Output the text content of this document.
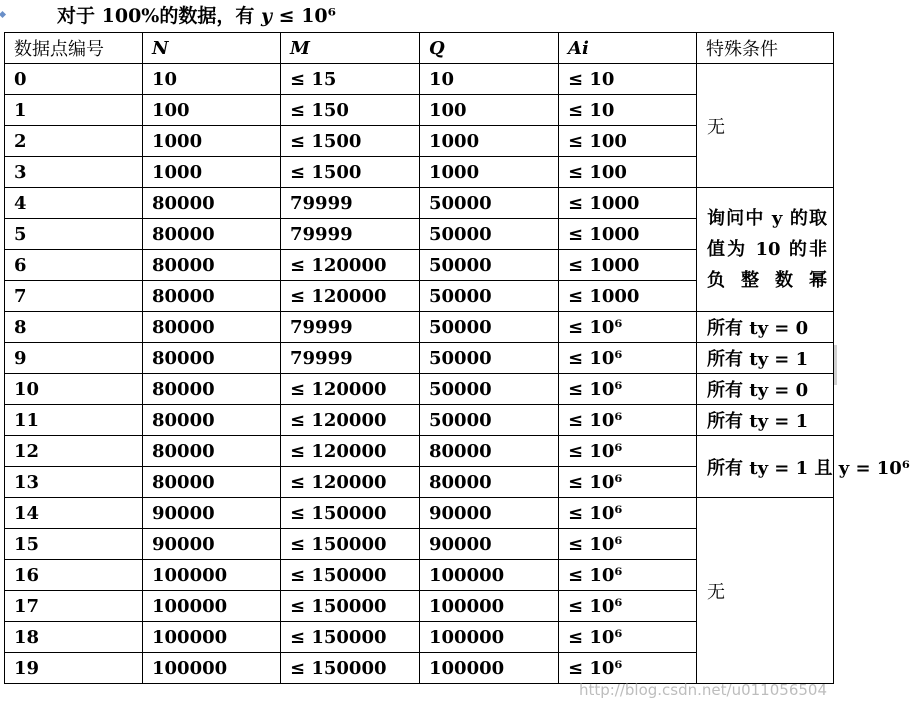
对于 100%的数据，有 y ≤ 10⁶
数据点编号	N	M	Q	Ai	特殊条件
0	10	≤ 15	10	≤ 10	无
1	100	≤ 150	100	≤ 10	
2	1000	≤ 1500	1000	≤ 100	
3	1000	≤ 1500	1000	≤ 100	
4	80000	79999	50000	≤ 1000	询问中 y 的取值为 10 的非负整数幂
5	80000	79999	50000	≤ 1000	
6	80000	≤ 120000	50000	≤ 1000	
7	80000	≤ 120000	50000	≤ 1000	
8	80000	79999	50000	≤ 10⁶	所有 ty = 0
9	80000	79999	50000	≤ 10⁶	所有 ty = 1
10	80000	≤ 120000	50000	≤ 10⁶	所有 ty = 0
11	80000	≤ 120000	50000	≤ 10⁶	所有 ty = 1
12	80000	≤ 120000	80000	≤ 10⁶	所有 ty = 1 且 y = 10⁶
13	80000	≤ 120000	80000	≤ 10⁶	
14	90000	≤ 150000	90000	≤ 10⁶	无
15	90000	≤ 150000	90000	≤ 10⁶	
16	100000	≤ 150000	100000	≤ 10⁶	
17	100000	≤ 150000	100000	≤ 10⁶	
18	100000	≤ 150000	100000	≤ 10⁶	
19	100000	≤ 150000	100000	≤ 10⁶	
http://blog.csdn.net/u011056504
